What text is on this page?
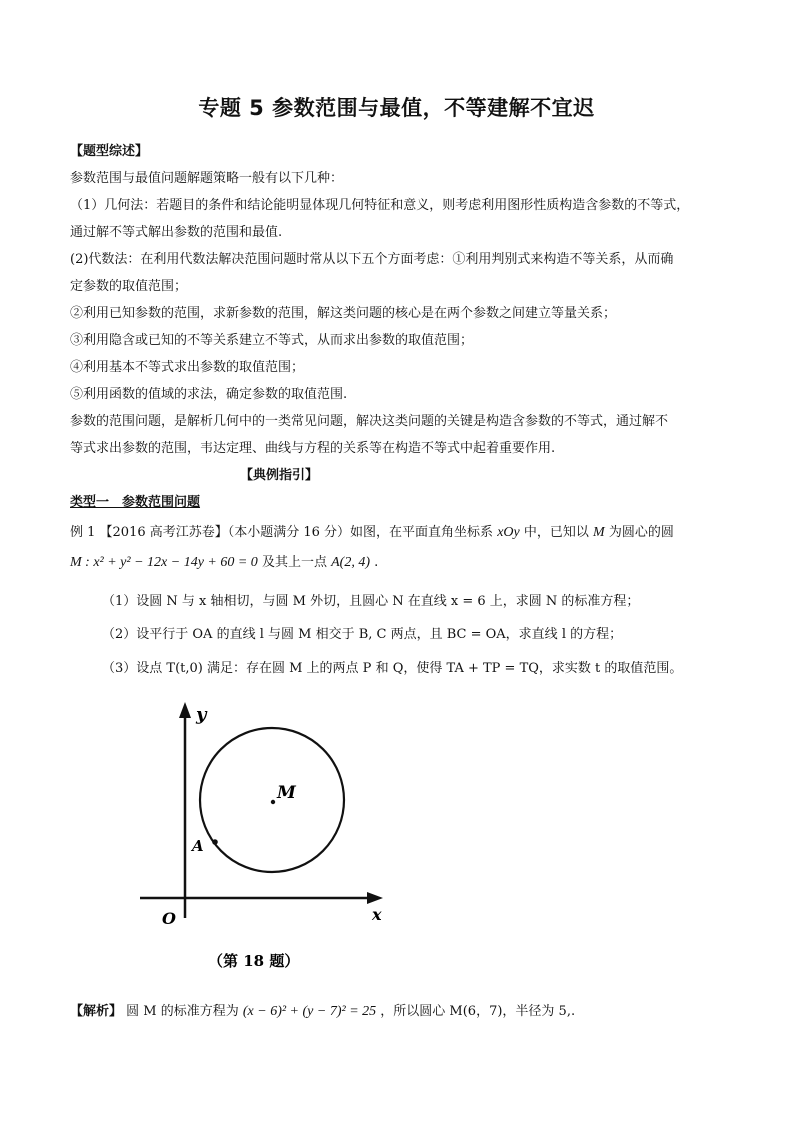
专题 5 参数范围与最值，不等建解不宜迟
【题型综述】
参数范围与最值问题解题策略一般有以下几种：
（1）几何法：若题目的条件和结论能明显体现几何特征和意义，则考虑利用图形性质构造含参数的不等式，
通过解不等式解出参数的范围和最值.
(2)代数法：在利用代数法解决范围问题时常从以下五个方面考虑：①利用判别式来构造不等关系，从而确
定参数的取值范围；
②利用已知参数的范围，求新参数的范围，解这类问题的核心是在两个参数之间建立等量关系；
③利用隐含或已知的不等关系建立不等式，从而求出参数的取值范围；
④利用基本不等式求出参数的取值范围；
⑤利用函数的值域的求法，确定参数的取值范围.
参数的范围问题，是解析几何中的一类常见问题，解决这类问题的关键是构造含参数的不等式，通过解不
等式求出参数的范围，韦达定理、曲线与方程的关系等在构造不等式中起着重要作用.
【典例指引】
类型一　参数范围问题
例 1 【2016 高考江苏卷】（本小题满分 16 分）如图，在平面直角坐标系 xOy 中，已知以 M 为圆心的圆
M : x² + y² − 12x − 14y + 60 = 0 及其上一点 A(2, 4) .
（1）设圆 N 与 x 轴相切，与圆 M 外切，且圆心 N 在直线 x = 6 上，求圆 N 的标准方程；
（2）设平行于 OA 的直线 l 与圆 M 相交于 B, C 两点，且 BC = OA，求直线 l 的方程；
（3）设点 T(t,0) 满足：存在圆 M 上的两点 P 和 Q，使得 TA + TP = TQ，求实数 t 的取值范围。
y
x
O
M
A
（第 18 题）
【解析】 圆 M 的标准方程为 (x − 6)² + (y − 7)² = 25 ，所以圆心 M(6，7)，半径为 5,.
